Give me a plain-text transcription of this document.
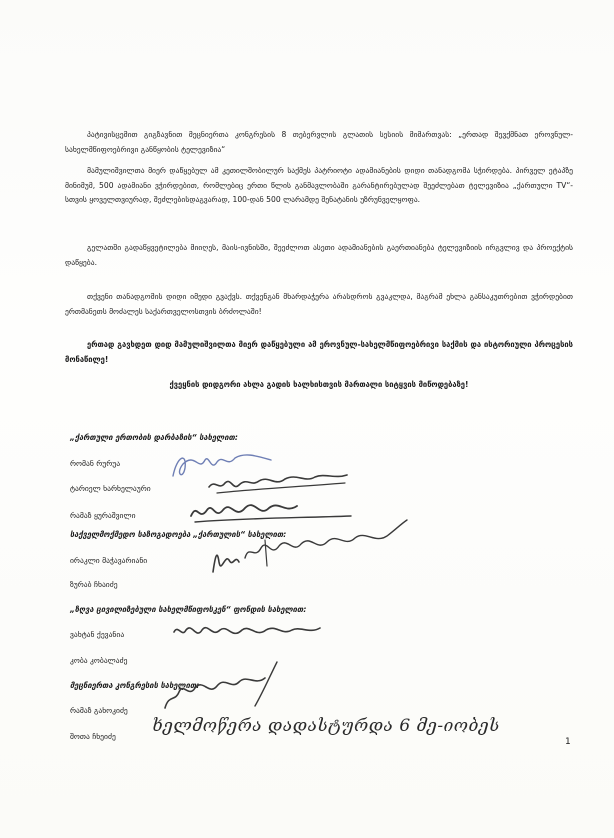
პატივისცემით გიგზავნით მეცნიერთა კონგრესის 8 თებერვლის გლათის სესიის მიმართვას: „ერთად შევქმნათ ეროვნულ-სახელმწიფოებრივი განწყობის ტელევიზია“
მამულიშვილთა მიერ დაწყებულ ამ კეთილშობილურ საქმეს პატრიოტი ადამიანების დიდი თანადგომა სჭირდება. პირველ ეტაპზე მინიმუმ, 500 ადამიანი ვჭირდებით, რომლებიც ერთი წლის განმავლობაში გარანტირებულად შეეძლებათ ტელევიზია „ქართული TV“-სთვის ყოველთვიურად, შეძლებისდაგვარად, 100-დან 500 ლარამდე შენატანის უზრუნველყოფა.
გელათში გადაწყვეტილება მიიღეს, მაის-ივნისში, შეეძლოთ ასეთი ადამიანების გაერთიანება ტელევიზიის ირგვლივ და პროექტის დაწყება.
თქვენი თანადგომის დიდი იმედი გვაქვს. თქვენგან მხარდაჭერა არასდროს გვაკლდა, მაგრამ ეხლა განსაკუთრებით ვჭირდებით ერთმანეთს მოძალეს საქართველოსთვის ბრძოლაში!
ერთად გავხდეთ დიდ მამულიშვილთა მიერ დაწყებული ამ ეროვნულ-სახელმწიფოებრივი საქმის და ისტორიული პროცესის მონაწილე!
ქვეყნის დიდგორი ახლა გადის ხალხისთვის მართალი სიტყვის მიწოდებაზე!
„ქართული ერთობის დარბაზის“ სახელით:
რომან რურუა
ტარიელ ხარხელაური
რამაზ ყურაშვილი
საქველმოქმედო საზოგადოება „ქართულის“ სახელით:
ირაკლი მაჭავარიანი
ზურაბ ჩხაიძე
„ზღვა ცივილიზებული სახელმწიფოსკენ“ ფონდის სახელით:
ვახტან ქევანია
კობა კობალაძე
მეცნიერთა კონგრესის სახელით:
რამაზ გახოკიძე
შოთა ჩხეიძე
ხელმოწერა დადასტურდა 6 მე-იობეს
1
